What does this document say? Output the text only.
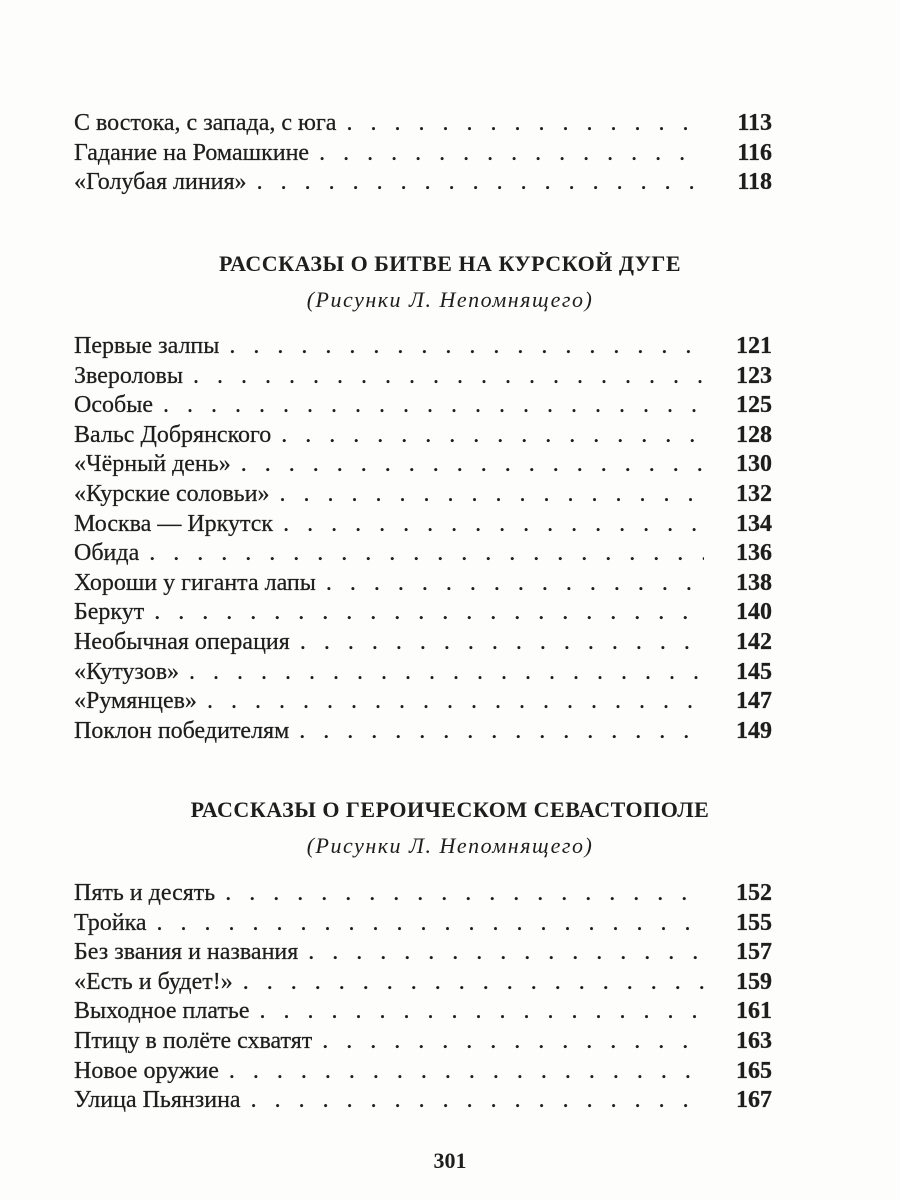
С востока, с запада, с юга . . .	113
Гадание на Ромашкине . . .	116
«Голубая линия» . . .	118
РАССКАЗЫ О БИТВЕ НА КУРСКОЙ ДУГЕ
(Рисунки Л. Непомнящего)
Первые залпы . . .	121
Звероловы . . .	123
Особые . . .	125
Вальс Добрянского . . .	128
«Чёрный день» . . .	130
«Курские соловьи» . . .	132
Москва — Иркутск . . .	134
Обида . . .	136
Хороши у гиганта лапы . . .	138
Беркут . . .	140
Необычная операция . . .	142
«Кутузов» . . .	145
«Румянцев» . . .	147
Поклон победителям . . .	149
РАССКАЗЫ О ГЕРОИЧЕСКОМ СЕВАСТОПОЛЕ
(Рисунки Л. Непомнящего)
Пять и десять . . .	152
Тройка . . .	155
Без звания и названия . . .	157
«Есть и будет!» . . .	159
Выходное платье . . .	161
Птицу в полёте схватят . . .	163
Новое оружие . . .	165
Улица Пьянзина . . .	167
301
